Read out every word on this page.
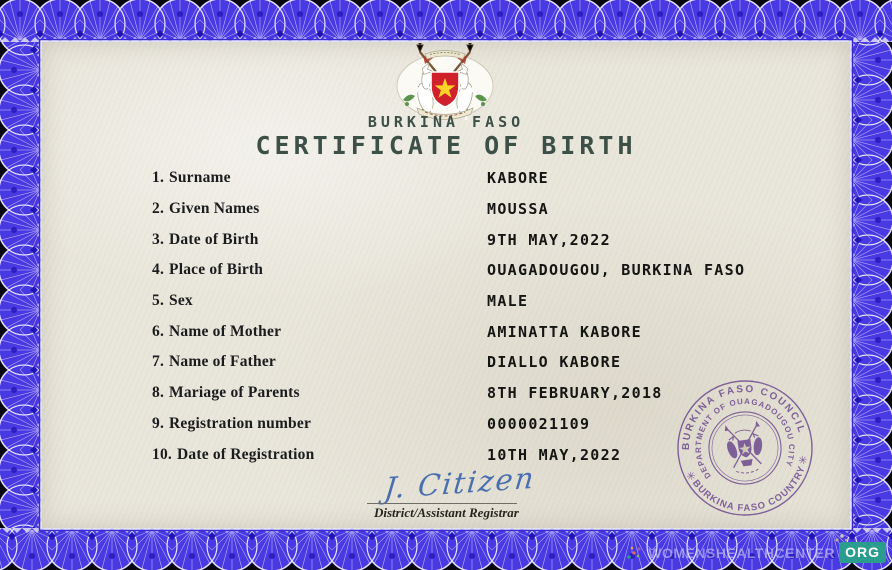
BURKINA FASO
CERTIFICATE OF BIRTH
1. Surname	KABORE
2. Given Names	MOUSSA
3. Date of Birth	9TH MAY,2022
4. Place of Birth	OUAGADOUGOU, BURKINA FASO
5. Sex	MALE
6. Name of Mother	AMINATTA KABORE
7. Name of Father	DIALLO KABORE
8. Mariage of Parents	8TH FEBRUARY,2018
9. Registration number	0000021109
10. Date of Registration	10TH MAY,2022
J. Citizen
District/Assistant Registrar
BURKINA FASO COUNCIL
DEPARTMENT OF OUAGADOUGOU CITY
BURKINA FASO COUNTRY
✳
✳
WOMENSHEALTHCENTER ORG
